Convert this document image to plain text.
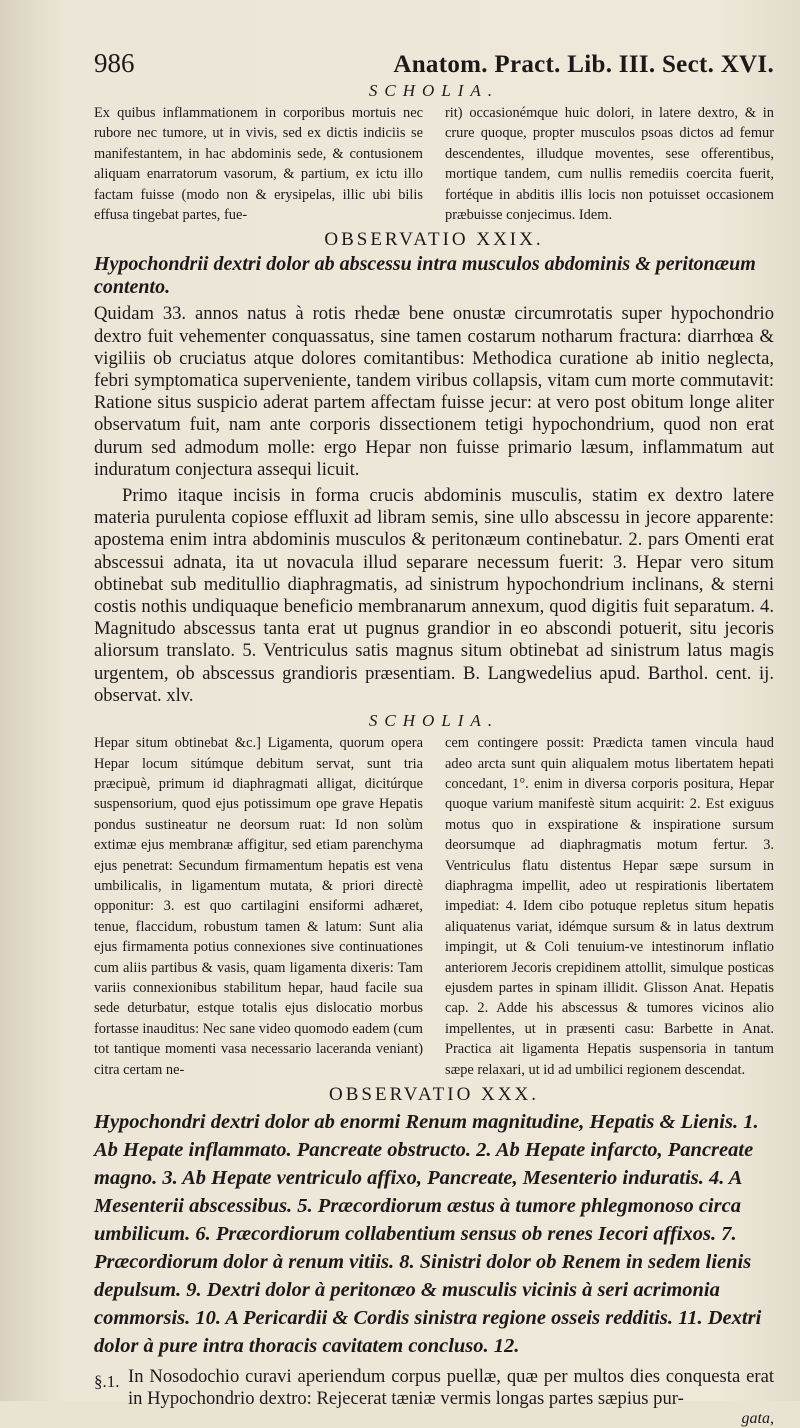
986	Anatom. Pract. Lib. III. Sect. XVI.
SCHOLIA.
Ex quibus inflammationem in corporibus mortuis nec rubore nec tumore, ut in vivis, sed ex dictis indiciis se manifestantem, in hac abdominis sede, & contusionem aliquam enarratorum vasorum, & partium, ex ictu illo factam fuisse (modo non & erysipelas, illic ubi bilis effusa tingebat partes, fue-
rit) occasionémque huic dolori, in latere dextro, & in crure quoque, propter musculos psoas dictos ad femur descendentes, illudque moventes, sese offerentibus, mortique tandem, cum nullis remediis coercita fuerit, fortéque in abditis illis locis non potuisset occasionem præbuisse conjecimus. Idem.
OBSERVATIO XXIX.
Hypochondrii dextri dolor ab abscessu intra musculos abdominis & peritonæum contento.

Quidam 33. annos natus à rotis rhedæ bene onustæ circumrotatis super hypochondrio dextro fuit vehementer conquassatus, sine tamen costarum notharum fractura: diarrhœa & vigiliis ob cruciatus atque dolores comitantibus: Methodica curatione ab initio neglecta, febri symptomatica superveniente, tandem viribus collapsis, vitam cum morte commutavit: Ratione situs suspicio aderat partem affectam fuisse jecur: at vero post obitum longe aliter observatum fuit, nam ante corporis dissectionem tetigi hypochondrium, quod non erat durum sed admodum molle: ergo Hepar non fuisse primario læsum, inflammatum aut induratum conjectura assequi licuit.

Primo itaque incisis in forma crucis abdominis musculis, statim ex dextro latere materia purulenta copiose effluxit ad libram semis, sine ullo abscessu in jecore apparente: apostema enim intra abdominis musculos & peritonæum continebatur. 2. pars Omenti erat abscessui adnata, ita ut novacula illud separare necessum fuerit: 3. Hepar vero situm obtinebat sub meditullio diaphragmatis, ad sinistrum hypochondrium inclinans, & sterni costis nothis undiquaque beneficio membranarum annexum, quod digitis fuit separatum. 4. Magnitudo abscessus tanta erat ut pugnus grandior in eo abscondi potuerit, situ jecoris aliorsum translato. 5. Ventriculus satis magnus situm obtinebat ad sinistrum latus magis urgentem, ob abscessus grandioris præsentiam. B. Langwedelius apud. Barthol. cent. ij. observat. xlv.

SCHOLIA.
Hepar situm obtinebat &c.] Ligamenta, quorum opera Hepar locum sitúmque debitum servat, sunt tria præcipuè, primum id diaphragmati alligat, dicitúrque suspensorium, quod ejus potissimum ope grave Hepatis pondus sustineatur ne deorsum ruat: Id non solùm extimæ ejus membranæ affigitur, sed etiam parenchyma ejus penetrat: Secundum firmamentum hepatis est vena umbilicalis, in ligamentum mutata, & priori directè opponitur: 3. est quo cartilagini ensiformi adhæret, tenue, flaccidum, robustum tamen & latum: Sunt alia ejus firmamenta potius connexiones sive continuationes cum aliis partibus & vasis, quam ligamenta dixeris: Tam variis connexionibus stabilitum hepar, haud facile sua sede deturbatur, estque totalis ejus dislocatio morbus fortasse inauditus: Nec sane video quomodo eadem (cum tot tantique momenti vasa necessario laceranda veniant) citra certam ne-
cem contingere possit: Prædicta tamen vincula haud adeo arcta sunt quin aliqualem motus libertatem hepati concedant, 1°. enim in diversa corporis positura, Hepar quoque varium manifestè situm acquirit: 2. Est exiguus motus quo in exspiratione & inspiratione sursum deorsumque ad diaphragmatis motum fertur. 3. Ventriculus flatu distentus Hepar sæpe sursum in diaphragma impellit, adeo ut respirationis libertatem impediat: 4. Idem cibo potuque repletus situm hepatis aliquatenus variat, idémque sursum & in latus dextrum impingit, ut & Coli tenuium-ve intestinorum inflatio anteriorem Jecoris crepidinem attollit, simulque posticas ejusdem partes in spinam illidit. Glisson Anat. Hepatis cap. 2. Adde his abscessus & tumores vicinos alio impellentes, ut in præsenti casu: Barbette in Anat. Practica ait ligamenta Hepatis suspensoria in tantum sæpe relaxari, ut id ad umbilici regionem descendat.
OBSERVATIO XXX.
Hypochondri dextri dolor ab enormi Renum magnitudine, Hepatis & Lienis. 1. Ab Hepate inflammato. Pancreate obstructo. 2. Ab Hepate infarcto, Pancreate magno. 3. Ab Hepate ventriculo affixo, Pancreate, Mesenterio induratis. 4. A Mesenterii abscessibus. 5. Præcordiorum æstus à tumore phlegmonoso circa umbilicum. 6. Præcordiorum collabentium sensus ob renes Iecori affixos. 7. Præcordiorum dolor à renum vitiis. 8. Sinistri dolor ob Renem in sedem lienis depulsum. 9. Dextri dolor à peritonæo & musculis vicinis à seri acrimonia commorsis. 10. A Pericardii & Cordis sinistra regione osseis redditis. 11. Dextri dolor à pure intra thoracis cavitatem concluso. 12.
§.1. In Nosodochio curavi aperiendum corpus puellæ, quæ per multos dies conquesta erat in Hypochondrio dextro: Rejecerat tæniæ vermis longas partes sæpius pur-
gata,
